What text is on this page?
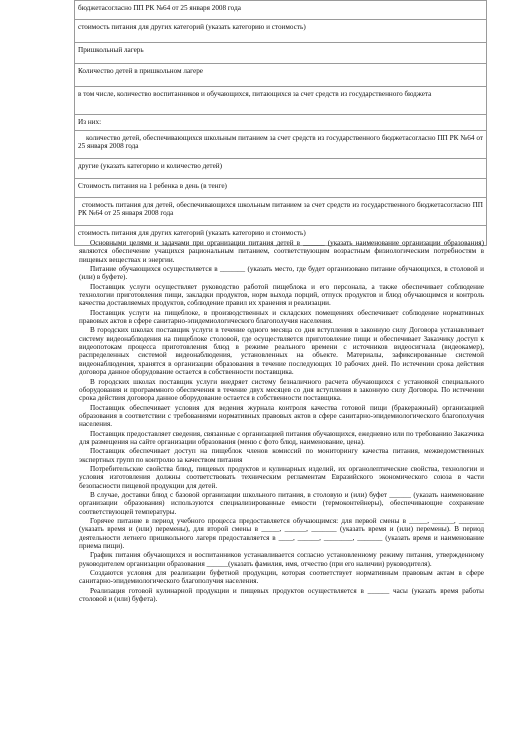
бюджетасогласно ПП РК №64 от 25 января 2008 года
стоимость питания для других категорий (указать категорию и стоимость)
Пришкольный лагерь
Количество детей в пришкольном лагере
в том числе, количество воспитанников и обучающихся, питающихся за счет средств из государственного бюджета
Из них:
количество детей, обеспечивающихся школьным питанием за счет средств из государственного бюджетасогласно ПП РК №64 от 25 января 2008 года
другие (указать категорию и количество детей)
Стоимость питания на 1 ребенка в день (в тенге)
стоимость питания для детей, обеспечивающихся школьным питанием за счет средств из государственного бюджетасогласно ПП РК №64 от 25 января 2008 года
стоимость питания для других категорий (указать категорию и стоимость)

Основными целями и задачами при организации питания детей в ______ (указать наименование организации образования) являются обеспечение учащихся рациональным питанием, соответствующим возрастным физиологическим потребностям в пищевых веществах и энергии.

Питание обучающихся осуществляется в _______ (указать место, где будет организовано питание обучающихся, в столовой и (или) в буфете).

Поставщик услуги осуществляет руководство работой пищеблока и его персонала, а также обеспечивает соблюдение технологии приготовления пищи, закладки продуктов, норм выхода порций, отпуск продуктов и блюд обучающимся и контроль качества доставляемых продуктов, соблюдение правил их хранения и реализации.

Поставщик услуги на пищеблоке, в производственных и складских помещениях обеспечивает соблюдение нормативных правовых актов в сфере санитарно-эпидемиологического благополучия населения.

В городских школах поставщик услуги в течение одного месяца со дня вступления в законную силу Договора устанавливает систему видеонаблюдения на пищеблоке столовой, где осуществляется приготовление пищи и обеспечивает Заказчику доступ к видеопотокам процесса приготовления блюд в режиме реального времени с источников видеосигнала (видеокамер), распределенных системой видеонаблюдения, установленных на объекте. Материалы, зафиксированные системой видеонаблюдения, хранятся в организации образования в течение последующих 10 рабочих дней. По истечении срока действия договора данное оборудование остается в собственности поставщика.

В городских школах поставщик услуги внедряет систему безналичного расчета обучающихся с установкой специального оборудования и программного обеспечения в течение двух месяцев со дня вступления в законную силу Договора. По истечении срока действия договора данное оборудование остается в собственности поставщика.

Поставщик обеспечивает условия для ведения журнала контроля качества готовой пищи (бракеражный) организацией образования в соответствии с требованиями нормативных правовых актов в сфере санитарно-эпидемиологического благополучия населения.

Поставщик предоставляет сведения, связанные с организацией питания обучающихся, ежедневно или по требованию Заказчика для размещения на сайте организации образования (меню с фото блюд, наименование, цена).

Поставщик обеспечивает доступ на пищеблок членов комиссий по мониторингу качества питания, межведомственных экспертных групп по контролю за качеством питания

Потребительские свойства блюд, пищевых продуктов и кулинарных изделий, их органолептические свойства, технологии и условия изготовления должны соответствовать техническим регламентам Евразийского экономического союза в части безопасности пищевой продукции для детей.

В случае, доставки блюд с базовой организации школьного питания, в столовую и (или) буфет ______ (указать наименование организации образования) используются специализированные емкости (термоконтейнеры), обеспечивающие сохранение соответствующей температуры.

Горячее питание в период учебного процесса предоставляется обучающимся: для первой смены в _____, ______, _______ (указать время и (или) перемены), для второй смены в _____, ______, _______ (указать время и (или) перемены). В период деятельности летнего пришкольного лагеря предоставляется в ____, ______, ________, _______ (указать время и наименование приема пищи).

График питания обучающихся и воспитанников устанавливается согласно установленному режиму питания, утвержденному руководителем организации образования ______(указать фамилия, имя, отчество (при его наличии) руководителя).

Создаются условия для реализации буфетной продукции, которая соответствует нормативным правовым актам в сфере санитарно-эпидемиологического благополучия населения.

Реализация готовой кулинарной продукции и пищевых продуктов осуществляется в ______ часы (указать время работы столовой и (или) буфета).
